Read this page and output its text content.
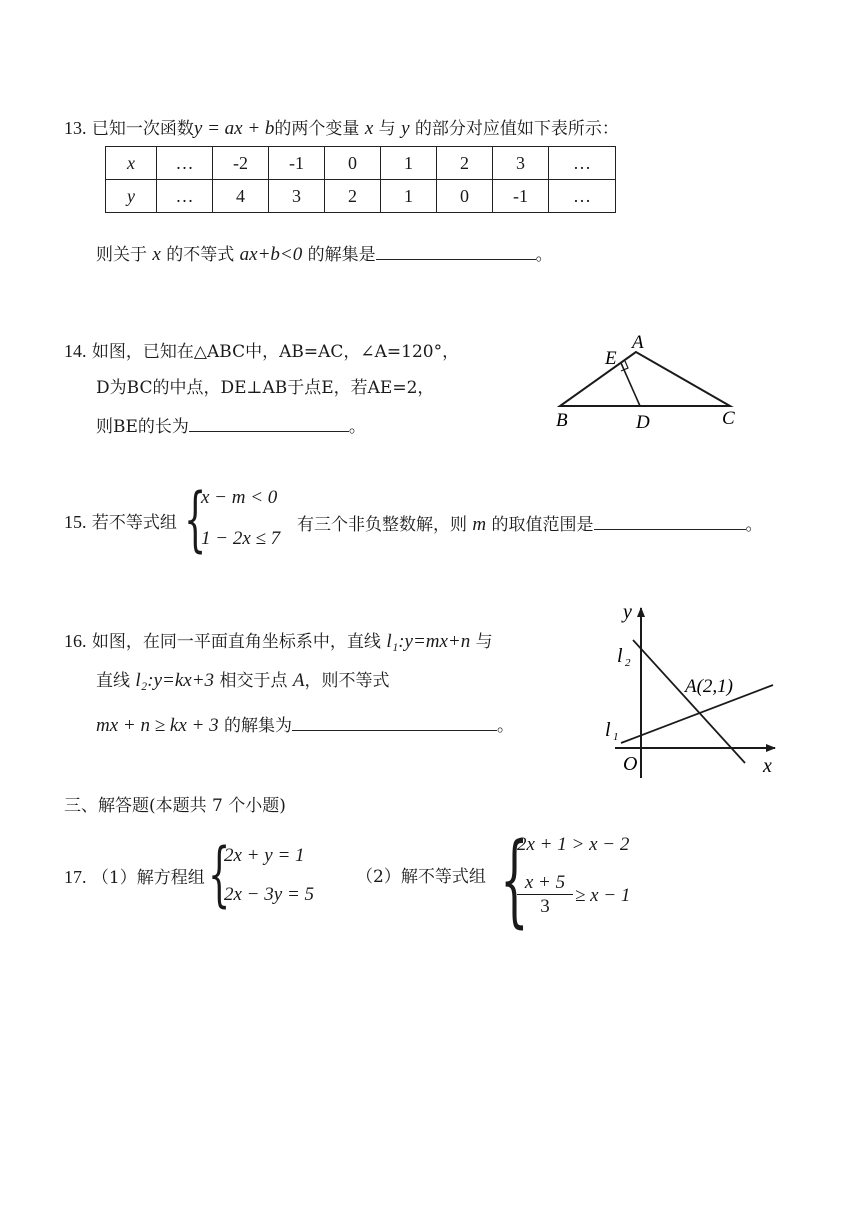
13. 已知一次函数y = ax + b的两个变量 x 与 y 的部分对应值如下表所示：
x	…	-2	-1	0	1	2	3	…
y	…	4	3	2	1	0	-1	…
则关于 x 的不等式 ax+b<0 的解集是	。
14. 如图，已知在△ABC中，AB=AC，∠A=120°，
D为BC的中点，DE⊥AB于点E，若AE=2，
则BE的长为	。
A
E
B	D	C
15. 若不等式组 {
x − m < 0
1 − 2x ≤ 7
有三个非负整数解，则 m 的取值范围是	。
16. 如图，在同一平面直角坐标系中，直线 l₁:y=mx+n 与
直线 l₂:y=kx+3 相交于点 A，则不等式
mx + n ≥ kx + 3 的解集为	。
y
x
O
l 2
l 1
A(2,1)
三、解答题(本题共 7 个小题)
17. （1）解方程组 {
2x + y = 1
2x − 3y = 5
（2）解不等式组 {
2x + 1 > x − 2
$\frac{x + 5}{3} \ge x - 1$
